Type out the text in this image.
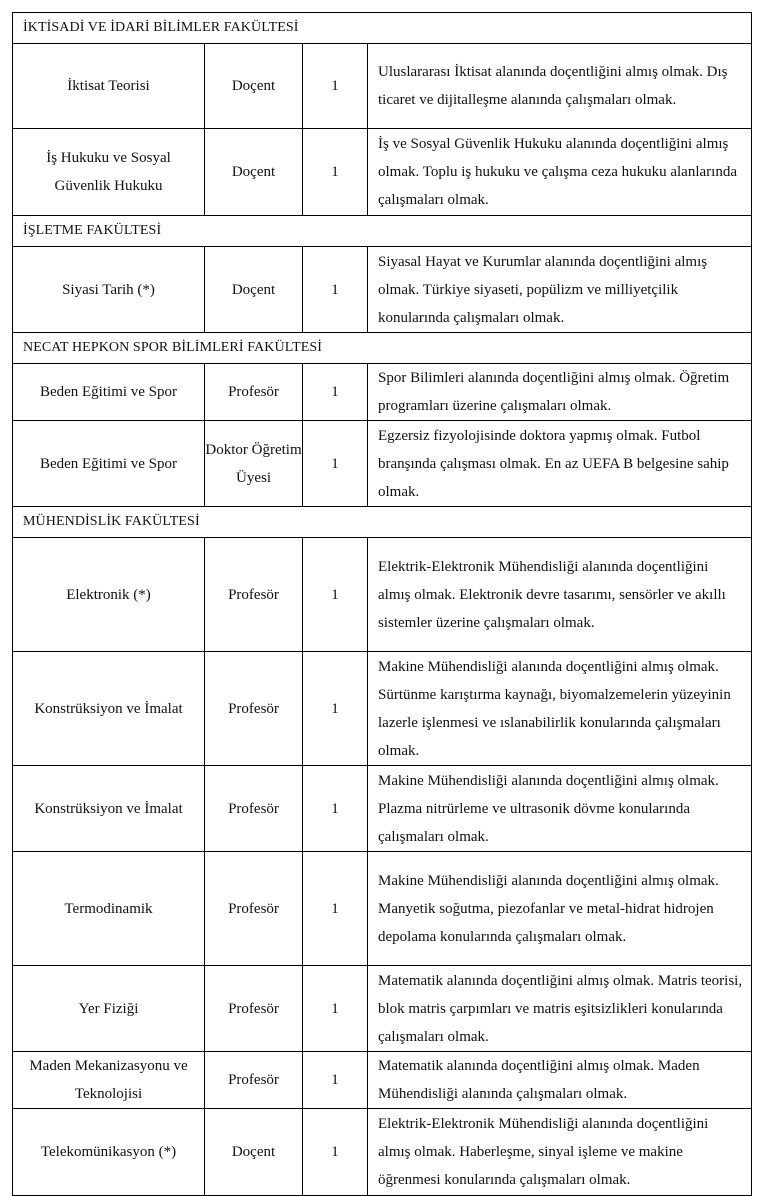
İKTİSADİ VE İDARİ BİLİMLER FAKÜLTESİ			
İktisat Teorisi	Doçent	1	Uluslararası İktisat alanında doçentliğini almış olmak. Dış ticaret ve dijitalleşme alanında çalışmaları olmak.
İş Hukuku ve Sosyal Güvenlik Hukuku	Doçent	1	İş ve Sosyal Güvenlik Hukuku alanında doçentliğini almış olmak. Toplu iş hukuku ve çalışma ceza hukuku alanlarında çalışmaları olmak.
İŞLETME FAKÜLTESİ			
Siyasi Tarih (*)	Doçent	1	Siyasal Hayat ve Kurumlar alanında doçentliğini almış olmak. Türkiye siyaseti, popülizm ve milliyetçilik konularında çalışmaları olmak.
NECAT HEPKON SPOR BİLİMLERİ FAKÜLTESİ			
Beden Eğitimi ve Spor	Profesör	1	Spor Bilimleri alanında doçentliğini almış olmak. Öğretim programları üzerine çalışmaları olmak.
Beden Eğitimi ve Spor	Doktor Öğretim Üyesi	1	Egzersiz fizyolojisinde doktora yapmış olmak. Futbol branşında çalışması olmak. En az UEFA B belgesine sahip olmak.
MÜHENDİSLİK FAKÜLTESİ			
Elektronik (*)	Profesör	1	Elektrik-Elektronik Mühendisliği alanında doçentliğini almış olmak. Elektronik devre tasarımı, sensörler ve akıllı sistemler üzerine çalışmaları olmak.
Konstrüksiyon ve İmalat	Profesör	1	Makine Mühendisliği alanında doçentliğini almış olmak. Sürtünme karıştırma kaynağı, biyomalzemelerin yüzeyinin lazerle işlenmesi ve ıslanabilirlik konularında çalışmaları olmak.
Konstrüksiyon ve İmalat	Profesör	1	Makine Mühendisliği alanında doçentliğini almış olmak. Plazma nitrürleme ve ultrasonik dövme konularında çalışmaları olmak.
Termodinamik	Profesör	1	Makine Mühendisliği alanında doçentliğini almış olmak. Manyetik soğutma, piezofanlar ve metal-hidrat hidrojen depolama konularında çalışmaları olmak.
Yer Fiziği	Profesör	1	Matematik alanında doçentliğini almış olmak. Matris teorisi, blok matris çarpımları ve matris eşitsizlikleri konularında çalışmaları olmak.
Maden Mekanizasyonu ve Teknolojisi	Profesör	1	Matematik alanında doçentliğini almış olmak. Maden Mühendisliği alanında çalışmaları olmak.
Telekomünikasyon (*)	Doçent	1	Elektrik-Elektronik Mühendisliği alanında doçentliğini almış olmak. Haberleşme, sinyal işleme ve makine öğrenmesi konularında çalışmaları olmak.
